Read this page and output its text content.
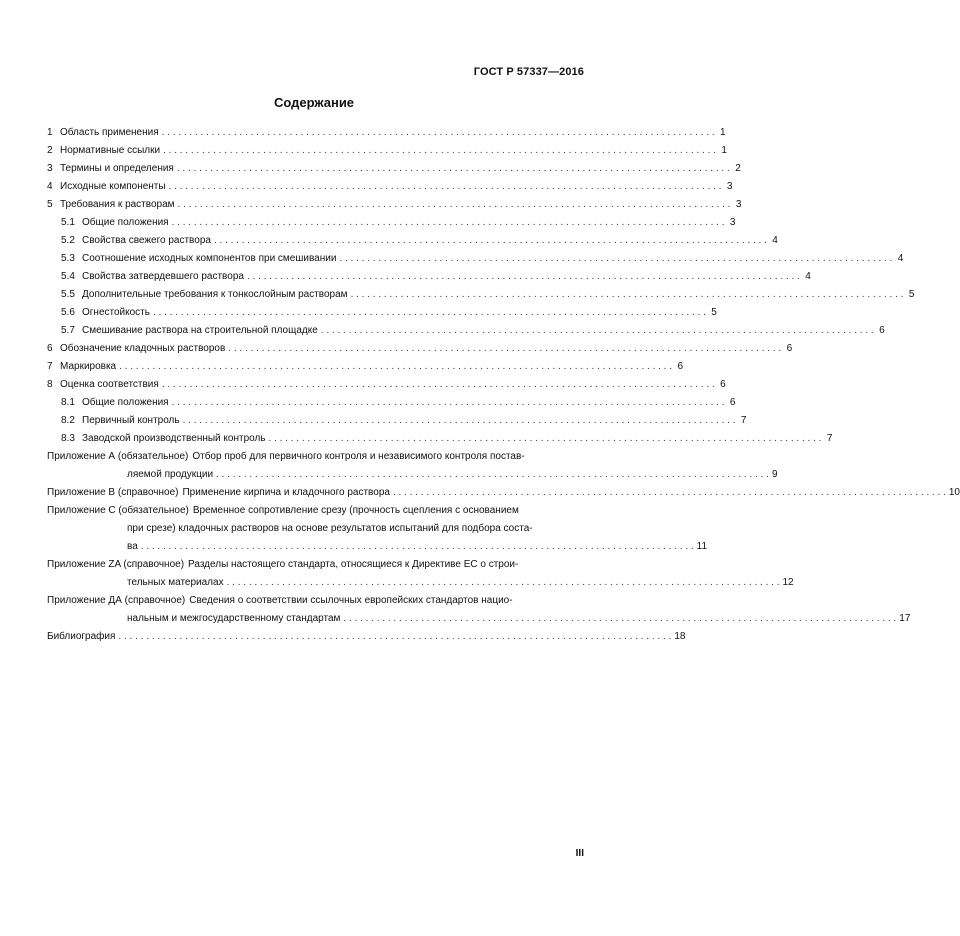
ГОСТ Р 57337—2016
Содержание
1 Область применения . . .	1
2 Нормативные ссылки . . .	1
3 Термины и определения . . .	2
4 Исходные компоненты . . .	3
5 Требования к растворам . . .	3
5.1 Общие положения . . .	3
5.2 Свойства свежего раствора . . .	4
5.3 Соотношение исходных компонентов при смешивании . . .	4
5.4 Свойства затвердевшего раствора . . .	4
5.5 Дополнительные требования к тонкослойным растворам . . .	5
5.6 Огнестойкость . . .	5
5.7 Смешивание раствора на строительной площадке . . .	6
6 Обозначение кладочных растворов . . .	6
7 Маркировка . . .	6
8 Оценка соответствия . . .	6
8.1 Общие положения . . .	6
8.2 Первичный контроль . . .	7
8.3 Заводской производственный контроль . . .	7
Приложение А (обязательное) Отбор проб для первичного контроля и независимого контроля постав-
ляемой продукции . . .	9
Приложение В (справочное) Применение кирпича и кладочного раствора . . .	10
Приложение С (обязательное) Временное сопротивление срезу (прочность сцепления с основанием
при срезе) кладочных растворов на основе результатов испытаний для подбора соста-
ва . . .	11
Приложение ZA (справочное) Разделы настоящего стандарта, относящиеся к Директиве ЕС о строи-
тельных материалах . . .	12
Приложение ДА (справочное) Сведения о соответствии ссылочных европейских стандартов нацио-
нальным и межгосударственному стандартам . . .	17
Библиография . . .	18
III
